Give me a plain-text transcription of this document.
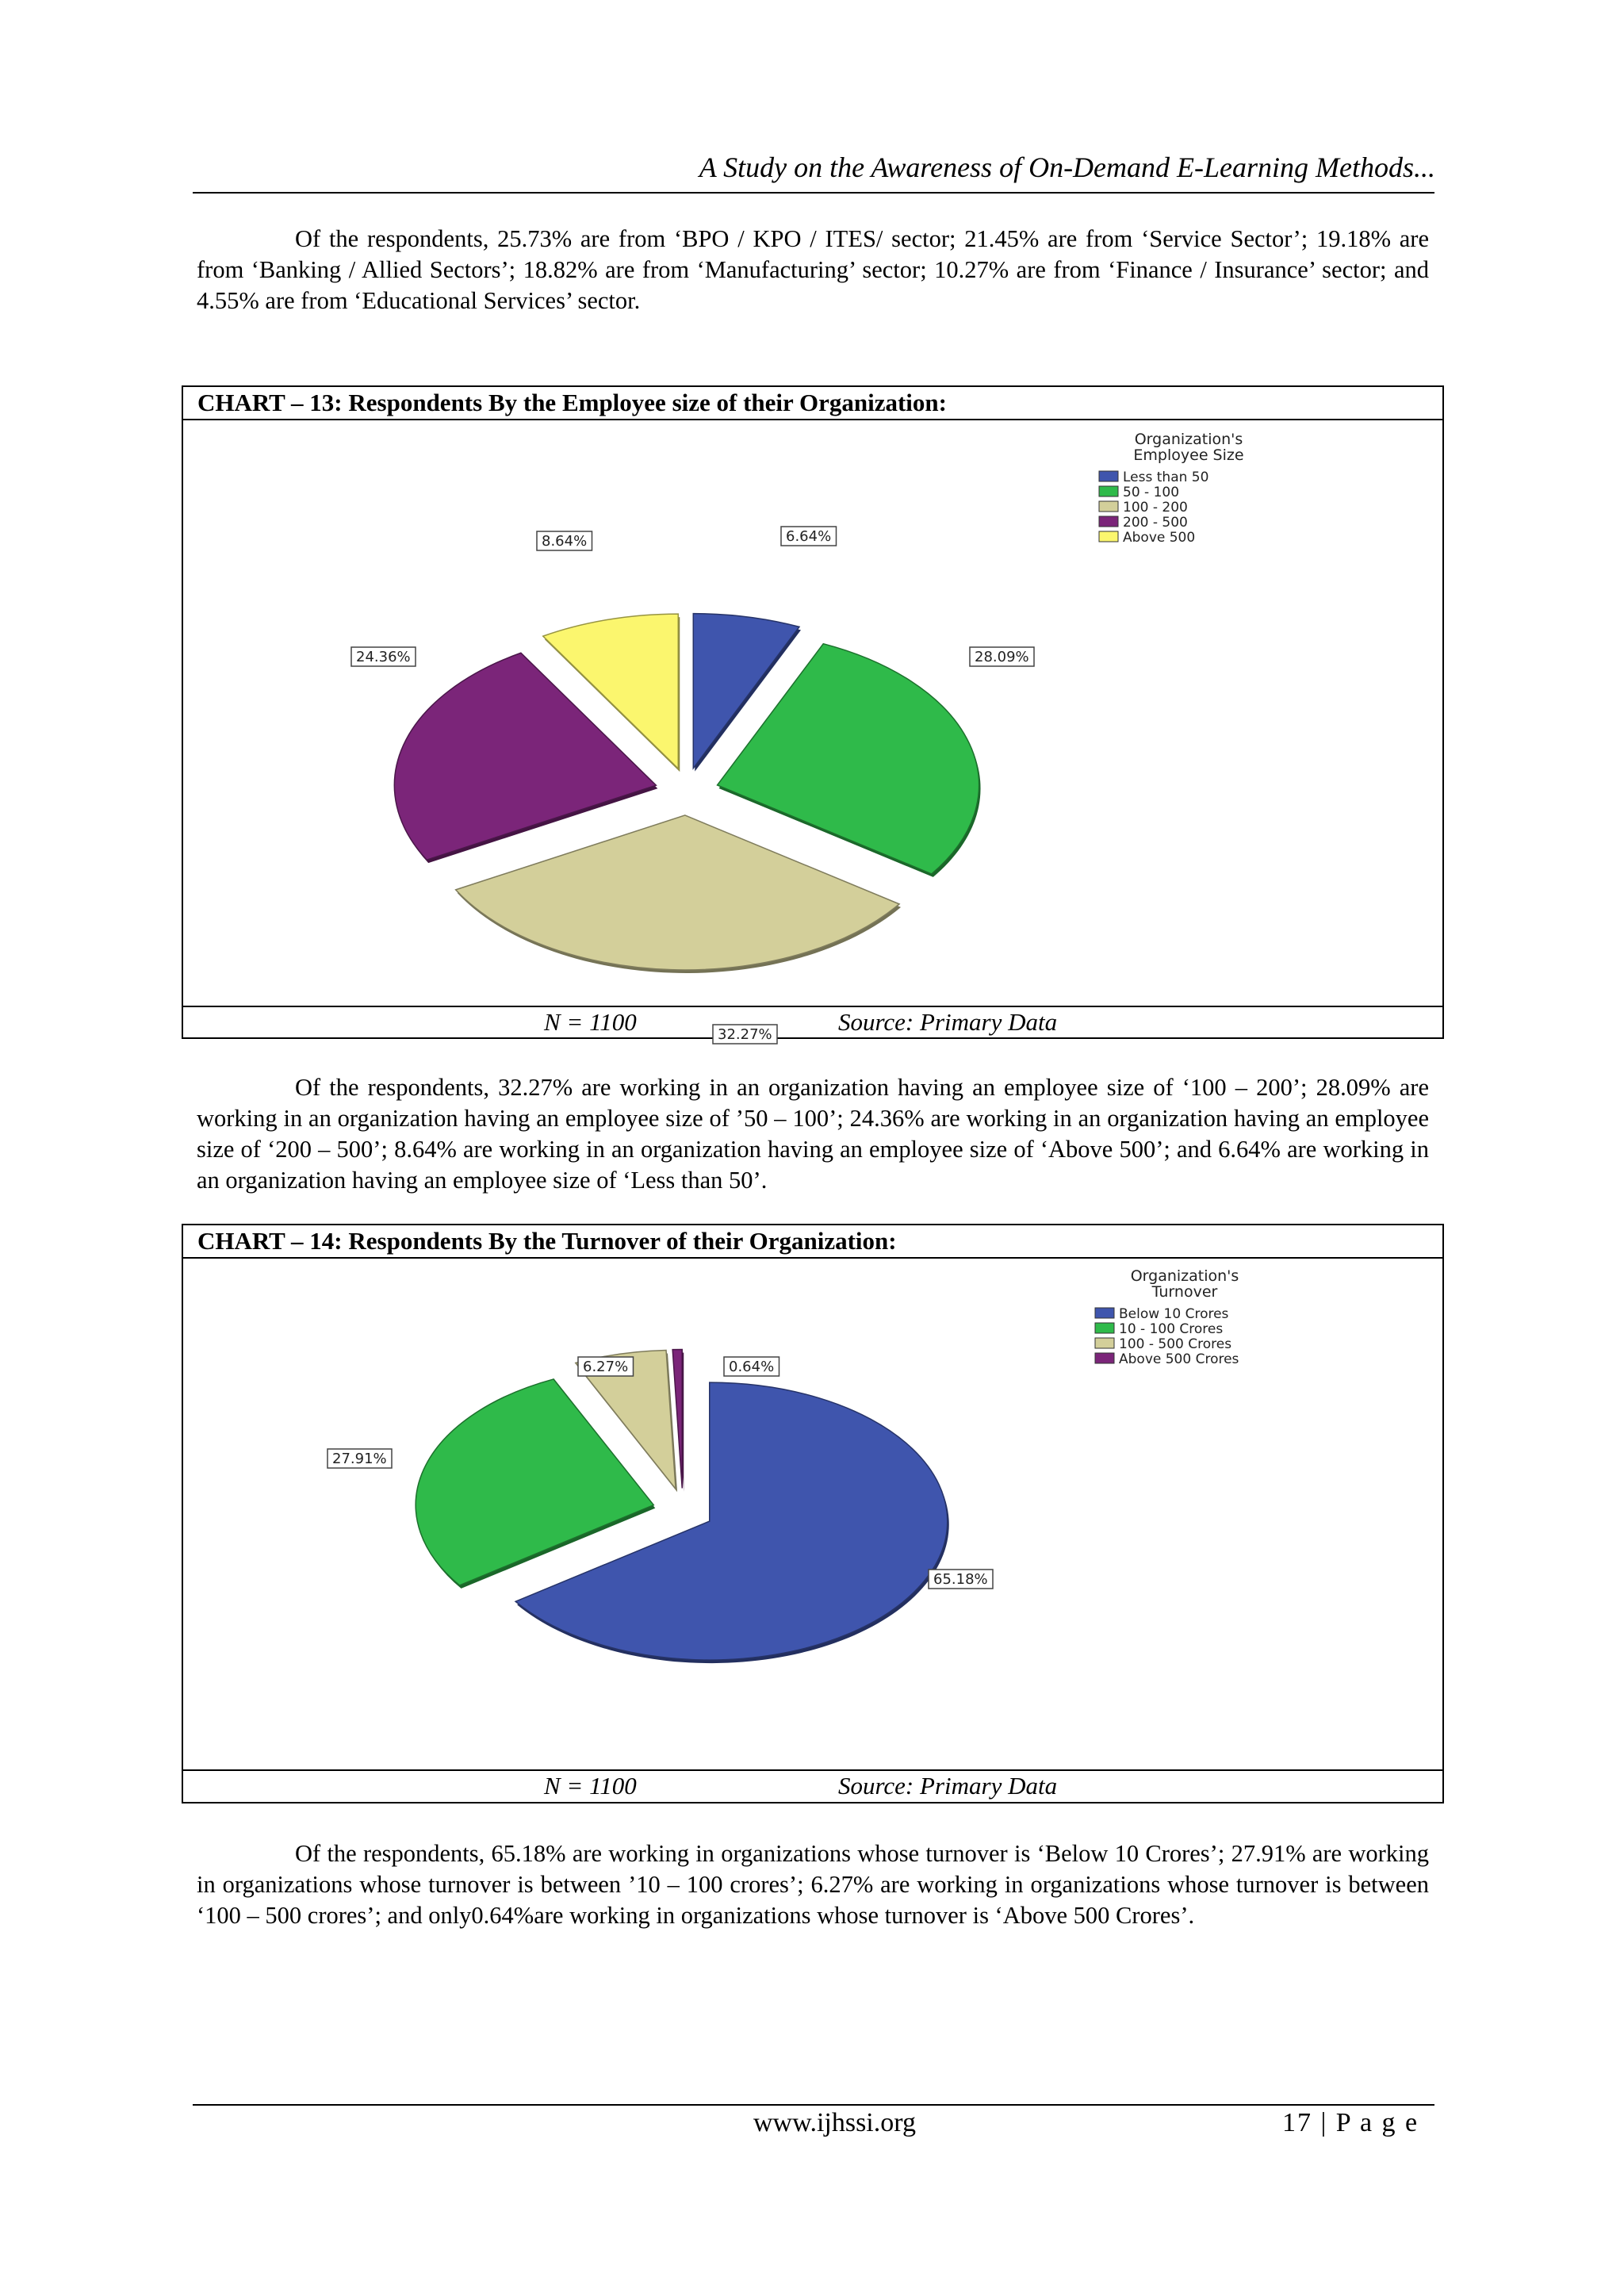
A Study on the Awareness of On-Demand E-Learning Methods...

Of the respondents, 25.73% are from ‘BPO / KPO / ITES/ sector; 21.45% are from ‘Service Sector’; 19.18% are from ‘Banking / Allied Sectors’; 18.82% are from ‘Manufacturing’ sector; 10.27% are from ‘Finance / Insurance’ sector; and 4.55% are from ‘Educational Services’ sector.

CHART – 13: Respondents By the Employee size of their Organization:
6.64%
28.09%
32.27%
24.36%
8.64%
Organization's
Employee Size
Less than 50
50 - 100
100 - 200
200 - 500
Above 500
N = 1100	Source: Primary Data

Of the respondents, 32.27% are working in an organization having an employee size of ‘100 – 200’; 28.09% are working in an organization having an employee size of ’50 – 100’; 24.36% are working in an organization having an employee size of ‘200 – 500’; 8.64% are working in an organization having an employee size of ‘Above 500’; and 6.64% are working in an organization having an employee size of ‘Less than 50’.

CHART – 14: Respondents By the Turnover of their Organization:
65.18%
27.91%
6.27%	0.64%
Organization's
Turnover
Below 10 Crores
10 - 100 Crores
100 - 500 Crores
Above 500 Crores
N = 1100	Source: Primary Data

Of the respondents, 65.18% are working in organizations whose turnover is ‘Below 10 Crores’; 27.91% are working in organizations whose turnover is between ’10 – 100 crores’; 6.27% are working in organizations whose turnover is between ‘100 – 500 crores’; and only0.64%are working in organizations whose turnover is ‘Above 500 Crores’.

www.ijhssi.org	17 | P a g e
